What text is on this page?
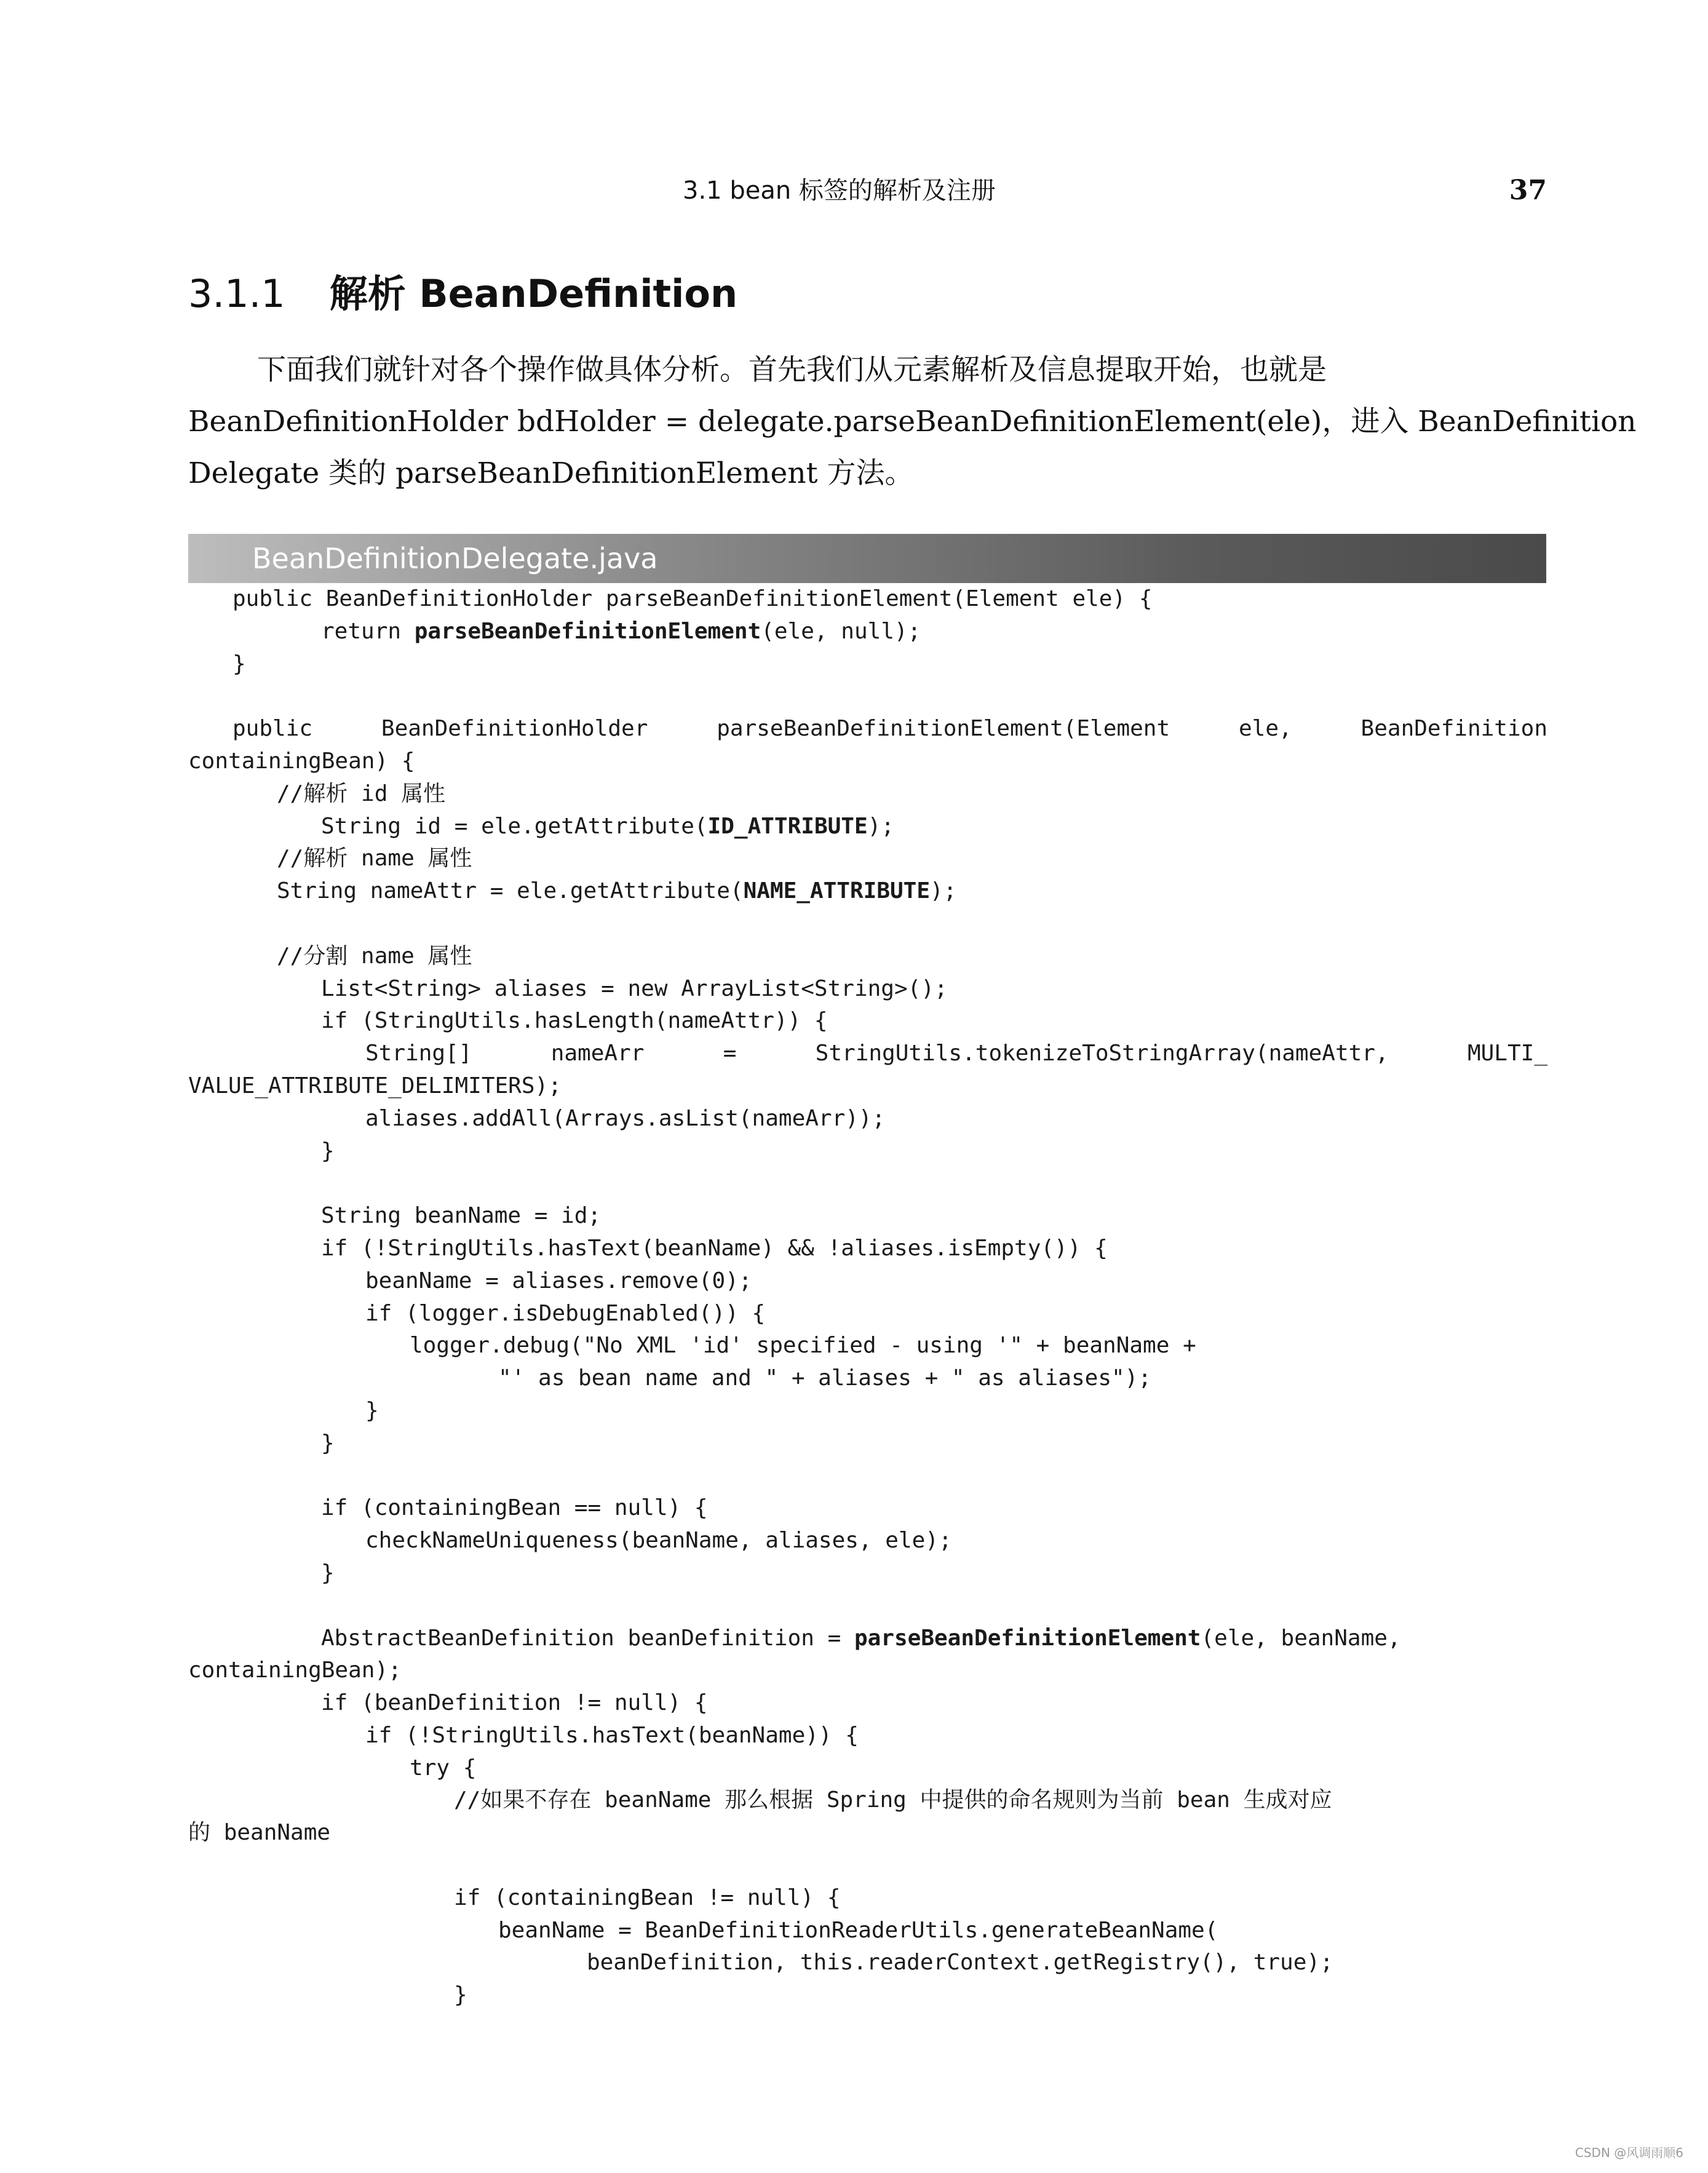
3.1 bean 标签的解析及注册	37
3.1.1 解析 BeanDefinition
下面我们就针对各个操作做具体分析。首先我们从元素解析及信息提取开始，也就是
BeanDefinitionHolder bdHolder = delegate.parseBeanDefinitionElement(ele)，进入 BeanDefinition
Delegate 类的 parseBeanDefinitionElement 方法。
BeanDefinitionDelegate.java
public BeanDefinitionHolder parseBeanDefinitionElement(Element ele) {
return parseBeanDefinitionElement(ele, null);
}
public BeanDefinitionHolder parseBeanDefinitionElement(Element ele, BeanDefinition
containingBean) {
//解析 id 属性
String id = ele.getAttribute(ID_ATTRIBUTE);
//解析 name 属性
String nameAttr = ele.getAttribute(NAME_ATTRIBUTE);
//分割 name 属性
List<String> aliases = new ArrayList<String>();
if (StringUtils.hasLength(nameAttr)) {
String[] nameArr = StringUtils.tokenizeToStringArray(nameAttr, MULTI_
VALUE_ATTRIBUTE_DELIMITERS);
aliases.addAll(Arrays.asList(nameArr));
}
String beanName = id;
if (!StringUtils.hasText(beanName) && !aliases.isEmpty()) {
beanName = aliases.remove(0);
if (logger.isDebugEnabled()) {
logger.debug("No XML 'id' specified - using '" + beanName +
"' as bean name and " + aliases + " as aliases");
}
}
if (containingBean == null) {
checkNameUniqueness(beanName, aliases, ele);
}
AbstractBeanDefinition beanDefinition = parseBeanDefinitionElement(ele, beanName,
containingBean);
if (beanDefinition != null) {
if (!StringUtils.hasText(beanName)) {
try {
//如果不存在 beanName 那么根据 Spring 中提供的命名规则为当前 bean 生成对应
的 beanName
if (containingBean != null) {
beanName = BeanDefinitionReaderUtils.generateBeanName(
beanDefinition, this.readerContext.getRegistry(), true);
}
CSDN @风调雨顺6
